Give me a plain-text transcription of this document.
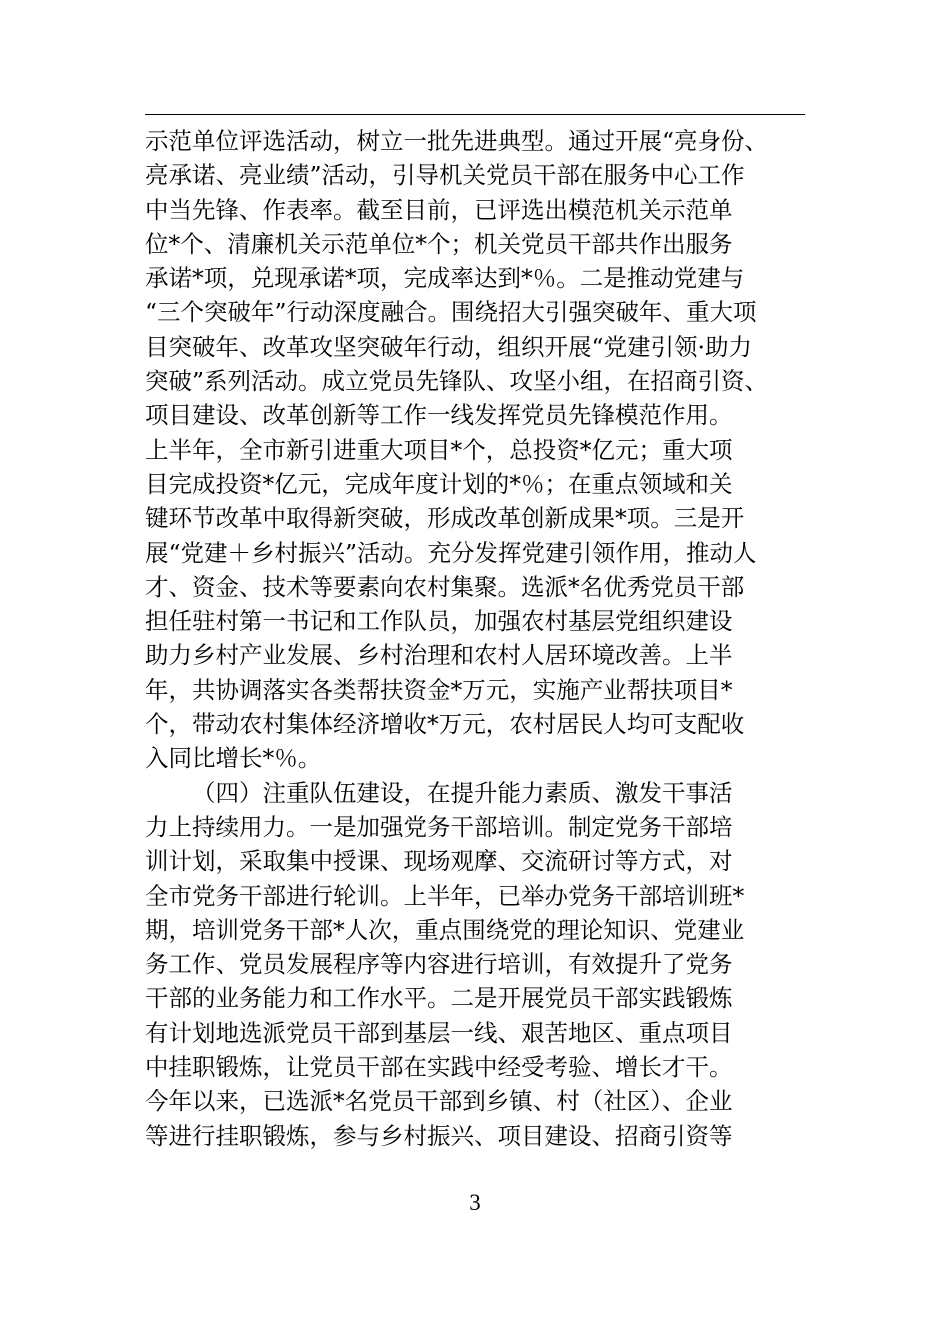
示范单位评选活动，树立一批先进典型。通过开展“亮身份、
亮承诺、亮业绩”活动，引导机关党员干部在服务中心工作
中当先锋、作表率。截至目前，已评选出模范机关示范单
位*个、清廉机关示范单位*个；机关党员干部共作出服务
承诺*项，兑现承诺*项，完成率达到*％。二是推动党建与
“三个突破年”行动深度融合。围绕招大引强突破年、重大项
目突破年、改革攻坚突破年行动，组织开展“党建引领·助力
突破”系列活动。成立党员先锋队、攻坚小组，在招商引资、
项目建设、改革创新等工作一线发挥党员先锋模范作用。
上半年，全市新引进重大项目*个，总投资*亿元；重大项
目完成投资*亿元，完成年度计划的*％；在重点领域和关
键环节改革中取得新突破，形成改革创新成果*项。三是开
展“党建＋乡村振兴”活动。充分发挥党建引领作用，推动人
才、资金、技术等要素向农村集聚。选派*名优秀党员干部
担任驻村第一书记和工作队员，加强农村基层党组织建设
助力乡村产业发展、乡村治理和农村人居环境改善。上半
年，共协调落实各类帮扶资金*万元，实施产业帮扶项目*
个，带动农村集体经济增收*万元，农村居民人均可支配收
入同比增长*％。
（四）注重队伍建设，在提升能力素质、激发干事活
力上持续用力。一是加强党务干部培训。制定党务干部培
训计划，采取集中授课、现场观摩、交流研讨等方式，对
全市党务干部进行轮训。上半年，已举办党务干部培训班*
期，培训党务干部*人次，重点围绕党的理论知识、党建业
务工作、党员发展程序等内容进行培训，有效提升了党务
干部的业务能力和工作水平。二是开展党员干部实践锻炼
有计划地选派党员干部到基层一线、艰苦地区、重点项目
中挂职锻炼，让党员干部在实践中经受考验、增长才干。
今年以来，已选派*名党员干部到乡镇、村（社区）、企业
等进行挂职锻炼，参与乡村振兴、项目建设、招商引资等
3
